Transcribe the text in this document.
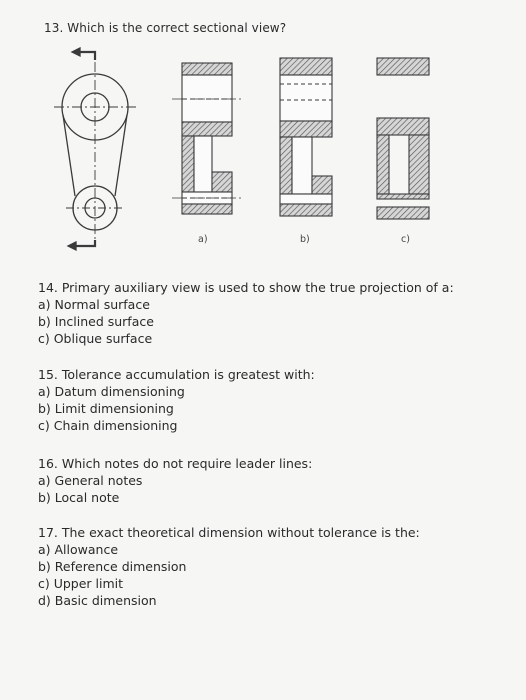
13. Which is the correct sectional view?
a)	b)	c)

14. Primary auxiliary view is used to show the true projection of a:

a) Normal surface

b) Inclined surface

c) Oblique surface

15. Tolerance accumulation is greatest with:

a) Datum dimensioning

b) Limit dimensioning

c) Chain dimensioning

16. Which notes do not require leader lines:

a) General notes

b) Local note

17. The exact theoretical dimension without tolerance is the:

a) Allowance

b) Reference dimension

c) Upper limit

d) Basic dimension
